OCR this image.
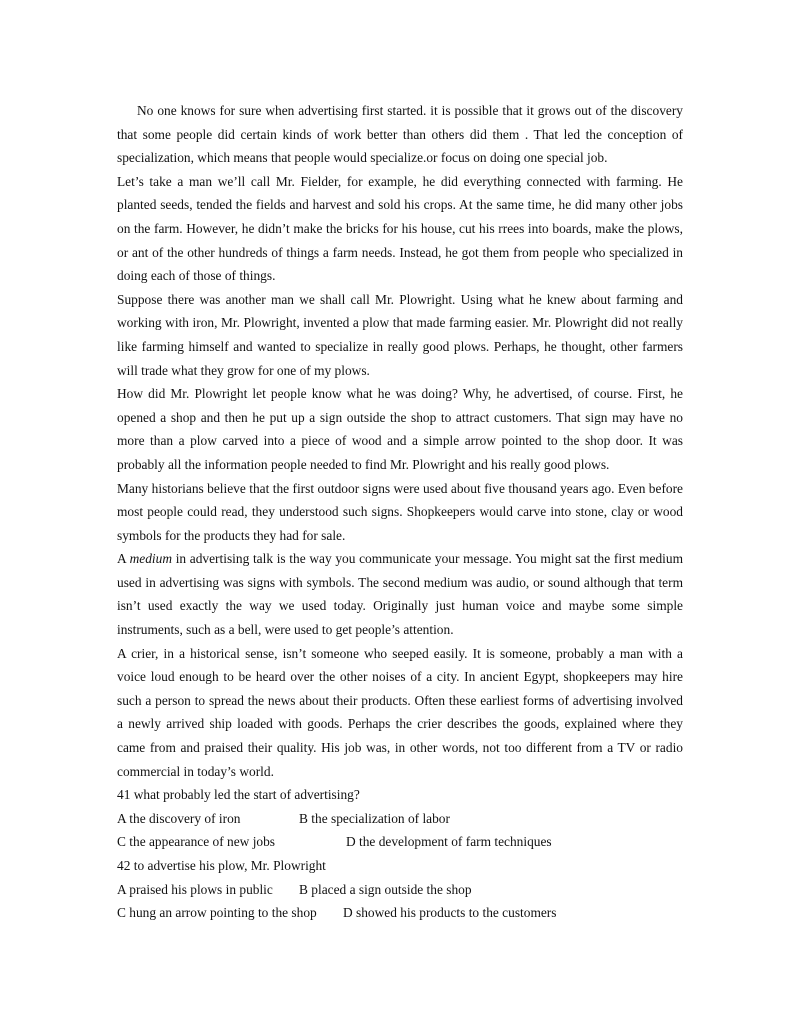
No one knows for sure when advertising first started. it is possible that it grows out of the discovery that some people did certain kinds of work better than others did them . That led the conception of specialization, which means that people would specialize.or focus on doing one special job.

Let’s take a man we’ll call Mr. Fielder, for example, he did everything connected with farming. He planted seeds, tended the fields and harvest and sold his crops. At the same time, he did many other jobs on the farm. However, he didn’t make the bricks for his house, cut his rrees into boards, make the plows, or ant of the other hundreds of things a farm needs. Instead, he got them from people who specialized in doing each of those of things.

Suppose there was another man we shall call Mr. Plowright. Using what he knew about farming and working with iron, Mr. Plowright, invented a plow that made farming easier. Mr. Plowright did not really like farming himself and wanted to specialize in really good plows. Perhaps, he thought, other farmers will trade what they grow for one of my plows.

How did Mr. Plowright let people know what he was doing? Why, he advertised, of course. First, he opened a shop and then he put up a sign outside the shop to attract customers. That sign may have no more than a plow carved into a piece of wood and a simple arrow pointed to the shop door. It was probably all the information people needed to find Mr. Plowright and his really good plows.

Many historians believe that the first outdoor signs were used about five thousand years ago. Even before most people could read, they understood such signs. Shopkeepers would carve into stone, clay or wood symbols for the products they had for sale.

A medium in advertising talk is the way you communicate your message. You might sat the first medium used in advertising was signs with symbols. The second medium was audio, or sound although that term isn’t used exactly the way we used today. Originally just human voice and maybe some simple instruments, such as a bell, were used to get people’s attention.

A crier, in a historical sense, isn’t someone who seeped easily. It is someone, probably a man with a voice loud enough to be heard over the other noises of a city. In ancient Egypt, shopkeepers may hire such a person to spread the news about their products. Often these earliest forms of advertising involved a newly arrived ship loaded with goods. Perhaps the crier describes the goods, explained where they came from and praised their quality. His job was, in other words, not too different from a TV or radio commercial in today’s world.

41 what probably led the start of advertising?

A the discovery of iron	B the specialization of labor
C the appearance of new jobs	D the development of farm techniques

42 to advertise his plow, Mr. Plowright

A praised his plows in public	B placed a sign outside the shop
C hung an arrow pointing to the shop	D showed his products to the customers
